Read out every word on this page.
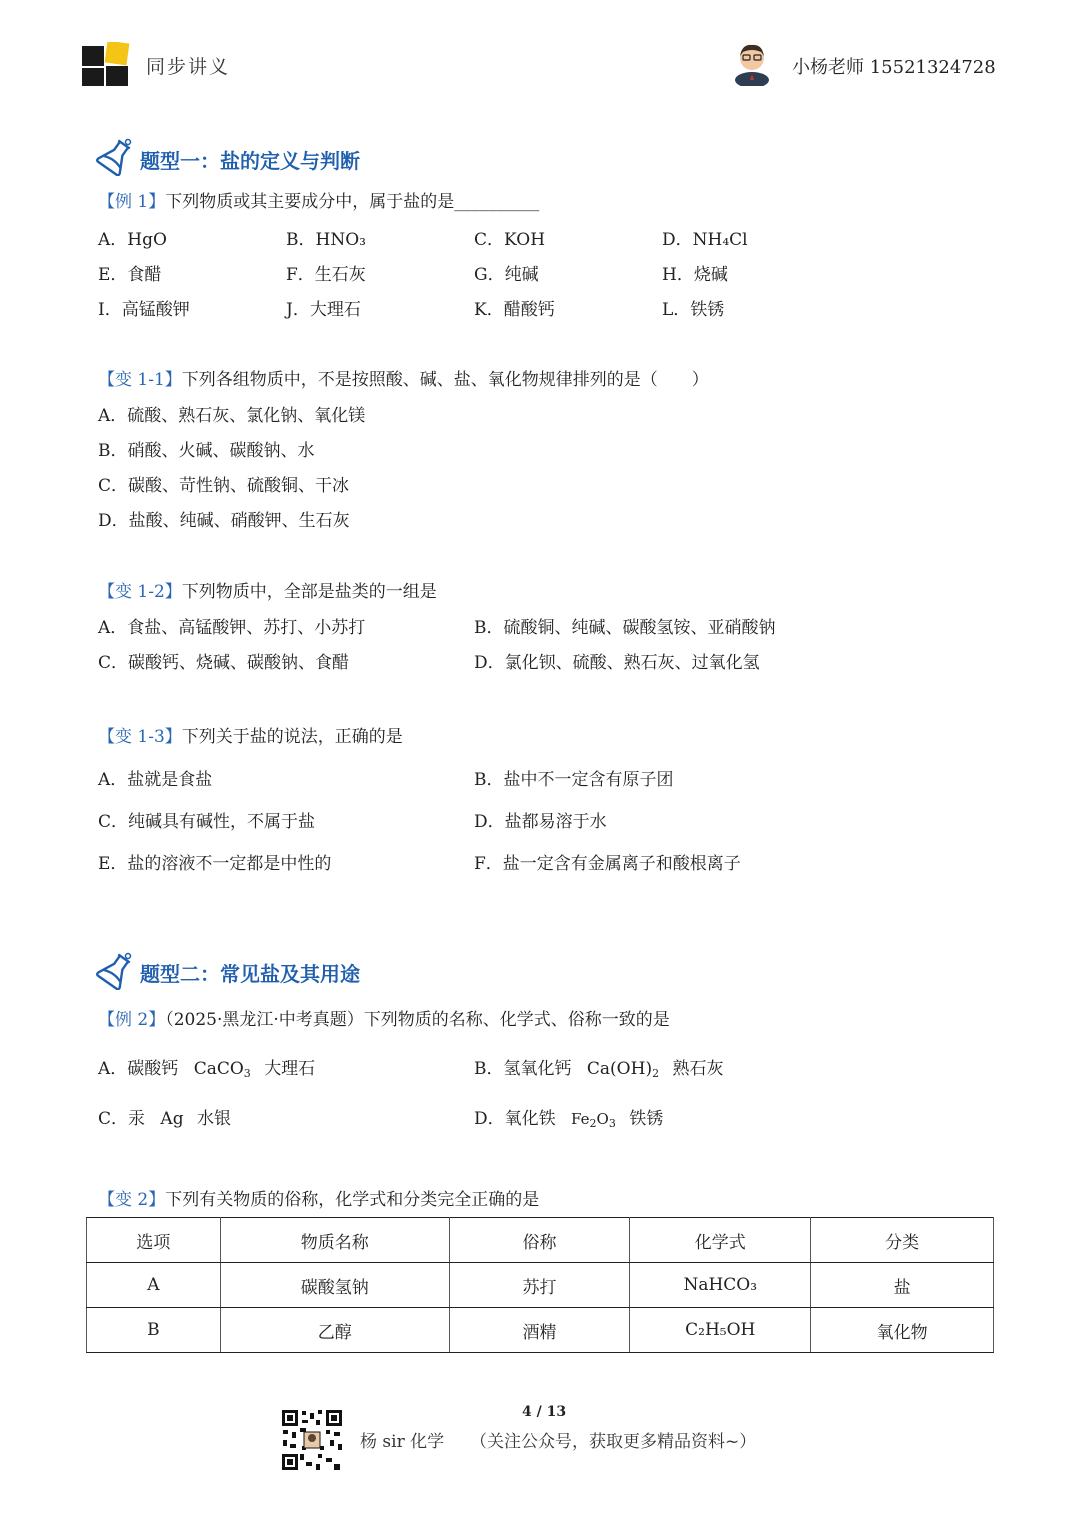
同步讲义	小杨老师 15521324728
题型一：盐的定义与判断
【例 1】下列物质或其主要成分中，属于盐的是__________
A．HgO	B．HNO₃	C．KOH	D．NH₄Cl
E．食醋	F．生石灰	G．纯碱	H．烧碱
I．高锰酸钾	J．大理石	K．醋酸钙	L．铁锈
【变 1-1】下列各组物质中，不是按照酸、碱、盐、氧化物规律排列的是（　　）
A．硫酸、熟石灰、氯化钠、氧化镁
B．硝酸、火碱、碳酸钠、水
C．碳酸、苛性钠、硫酸铜、干冰
D．盐酸、纯碱、硝酸钾、生石灰
【变 1-2】下列物质中，全部是盐类的一组是
A．食盐、高锰酸钾、苏打、小苏打	B．硫酸铜、纯碱、碳酸氢铵、亚硝酸钠
C．碳酸钙、烧碱、碳酸钠、食醋	D．氯化钡、硫酸、熟石灰、过氧化氢
【变 1-3】下列关于盐的说法，正确的是
A．盐就是食盐	B．盐中不一定含有原子团
C．纯碱具有碱性，不属于盐	D．盐都易溶于水
E．盐的溶液不一定都是中性的	F．盐一定含有金属离子和酸根离子
题型二：常见盐及其用途
【例 2】（2025·黑龙江·中考真题）下列物质的名称、化学式、俗称一致的是
A．碳酸钙 CaCO$_3$ 大理石	B．氢氧化钙 $Ca(OH)_2$ 熟石灰
C．汞 Ag 水银	D．氧化铁 $Fe_2O_3$ 铁锈
【变 2】下列有关物质的俗称，化学式和分类完全正确的是
选项	物质名称	俗称	化学式	分类
A	碳酸氢钠	苏打	NaHCO₃	盐
B	乙醇	酒精	C₂H₅OH	氧化物
4 / 13
杨 sir 化学 （关注公众号，获取更多精品资料~）
